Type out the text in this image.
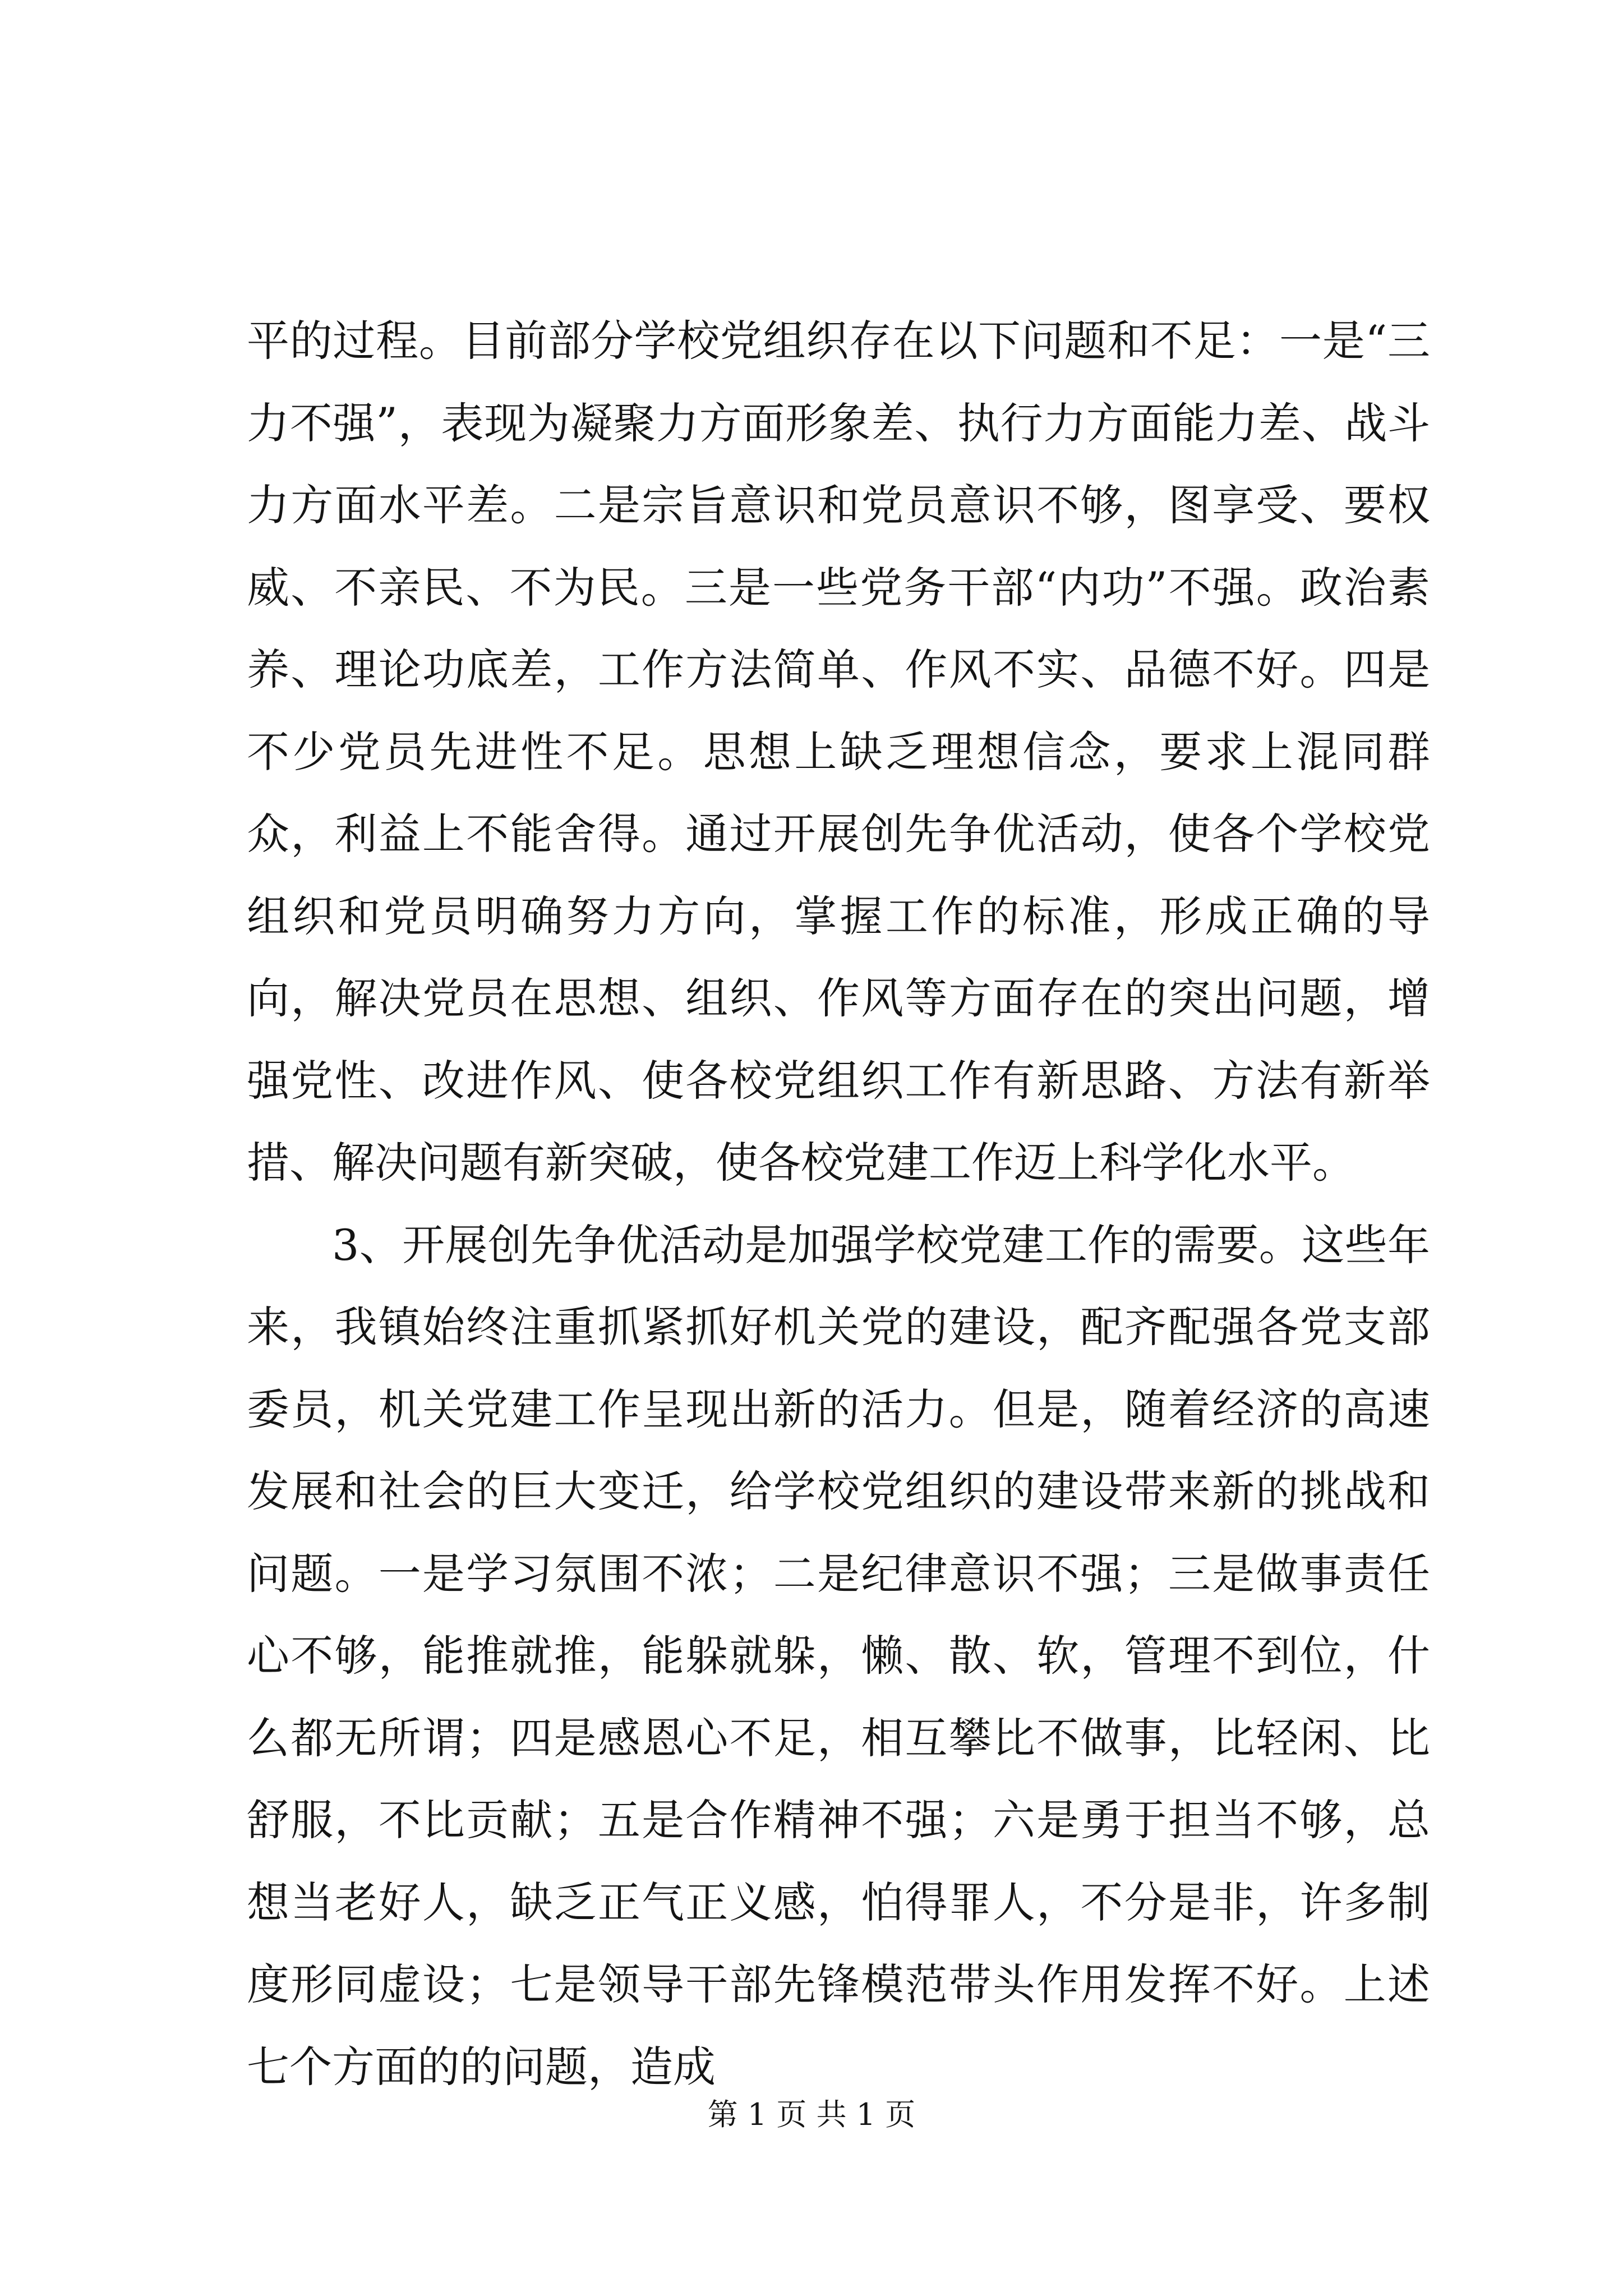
平的过程。目前部分学校党组织存在以下问题和不足：一是“三力不强”，表现为凝聚力方面形象差、执行力方面能力差、战斗力方面水平差。二是宗旨意识和党员意识不够，图享受、要权威、不亲民、不为民。三是一些党务干部“内功”不强。政治素养、理论功底差，工作方法简单、作风不实、品德不好。四是不少党员先进性不足。思想上缺乏理想信念，要求上混同群众，利益上不能舍得。通过开展创先争优活动，使各个学校党组织和党员明确努力方向，掌握工作的标准，形成正确的导向，解决党员在思想、组织、作风等方面存在的突出问题，增强党性、改进作风、使各校党组织工作有新思路、方法有新举措、解决问题有新突破，使各校党建工作迈上科学化水平。

3、开展创先争优活动是加强学校党建工作的需要。这些年来，我镇始终注重抓紧抓好机关党的建设，配齐配强各党支部委员，机关党建工作呈现出新的活力。但是，随着经济的高速发展和社会的巨大变迁，给学校党组织的建设带来新的挑战和问题。一是学习氛围不浓；二是纪律意识不强；三是做事责任心不够，能推就推，能躲就躲，懒、散、软，管理不到位，什么都无所谓；四是感恩心不足，相互攀比不做事，比轻闲、比舒服，不比贡献；五是合作精神不强；六是勇于担当不够，总想当老好人，缺乏正气正义感，怕得罪人，不分是非，许多制度形同虚设；七是领导干部先锋模范带头作用发挥不好。上述七个方面的的问题，造成

第 1 页 共 1 页
